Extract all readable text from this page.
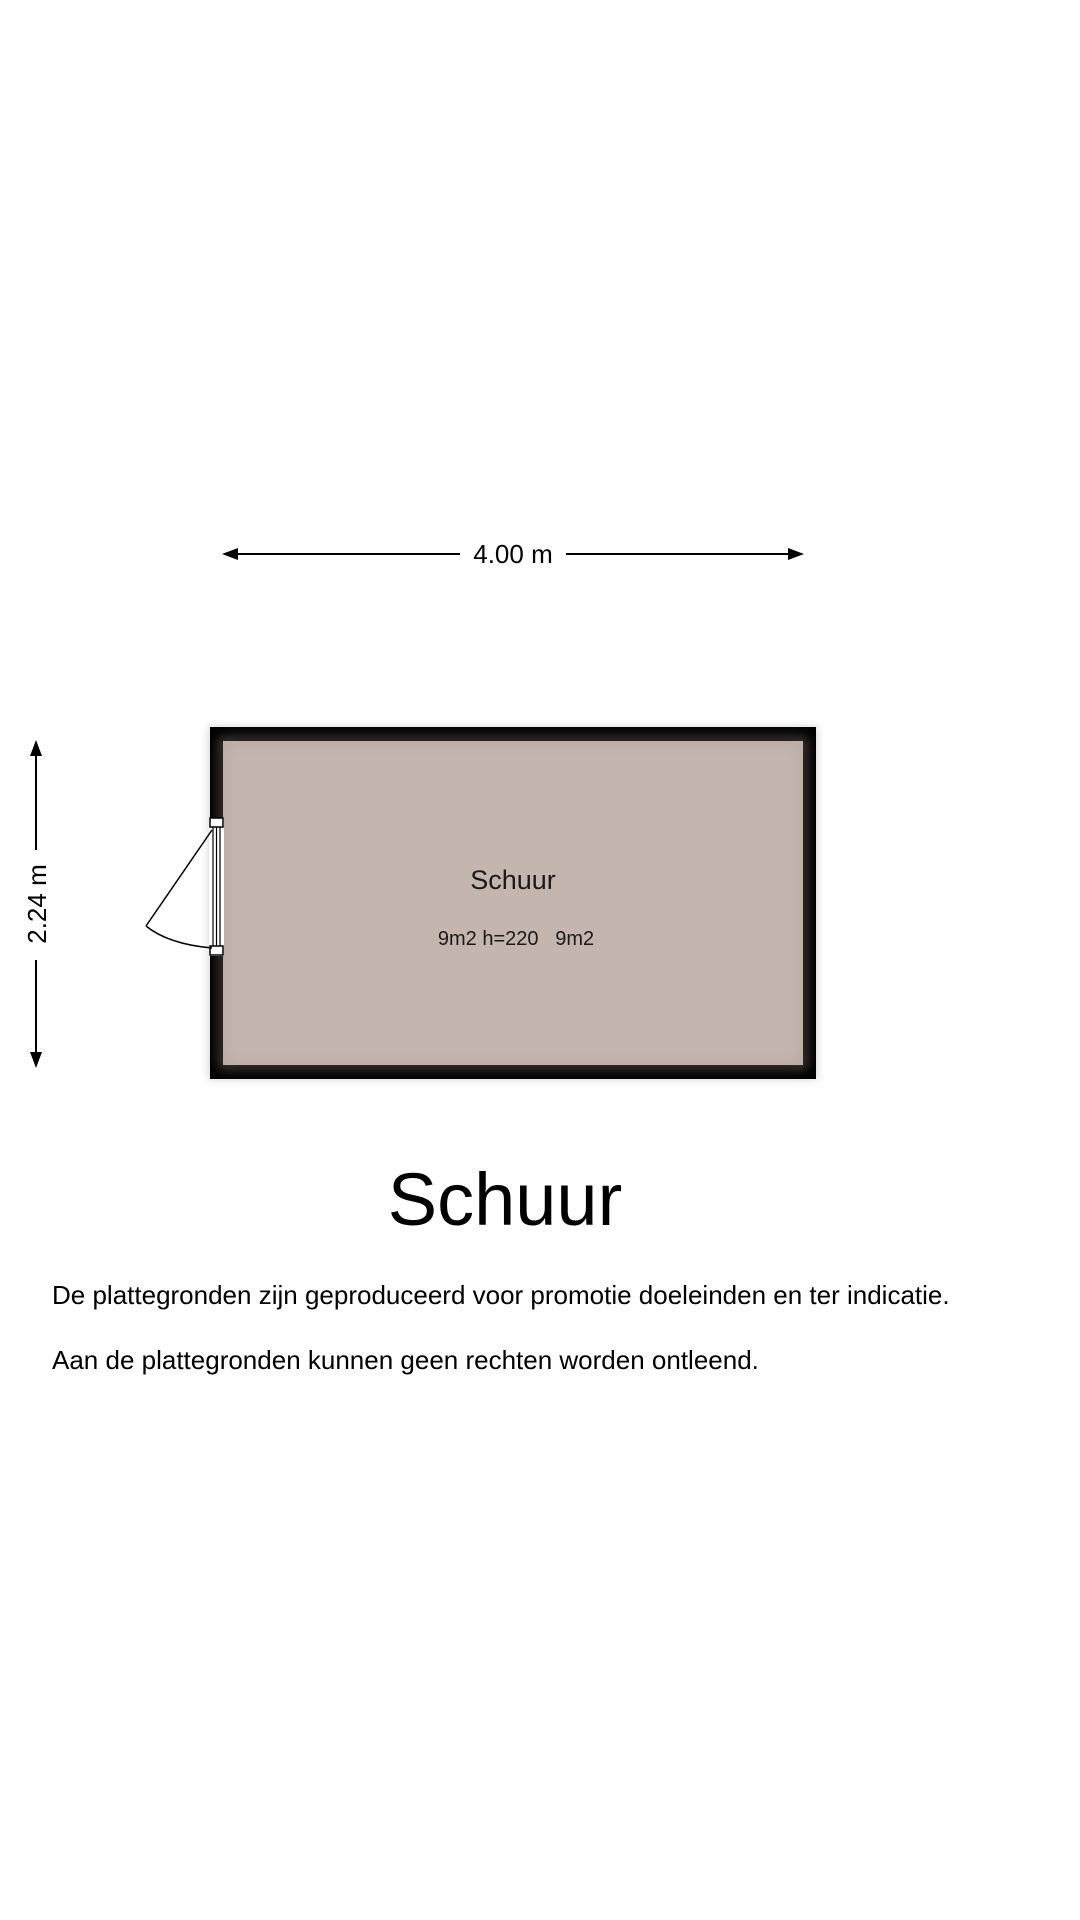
4.00 m
2.24 m	Schuur
9m2 h=220   9m2
Schuur
De plattegronden zijn geproduceerd voor promotie doeleinden en ter indicatie.
Aan de plattegronden kunnen geen rechten worden ontleend.
